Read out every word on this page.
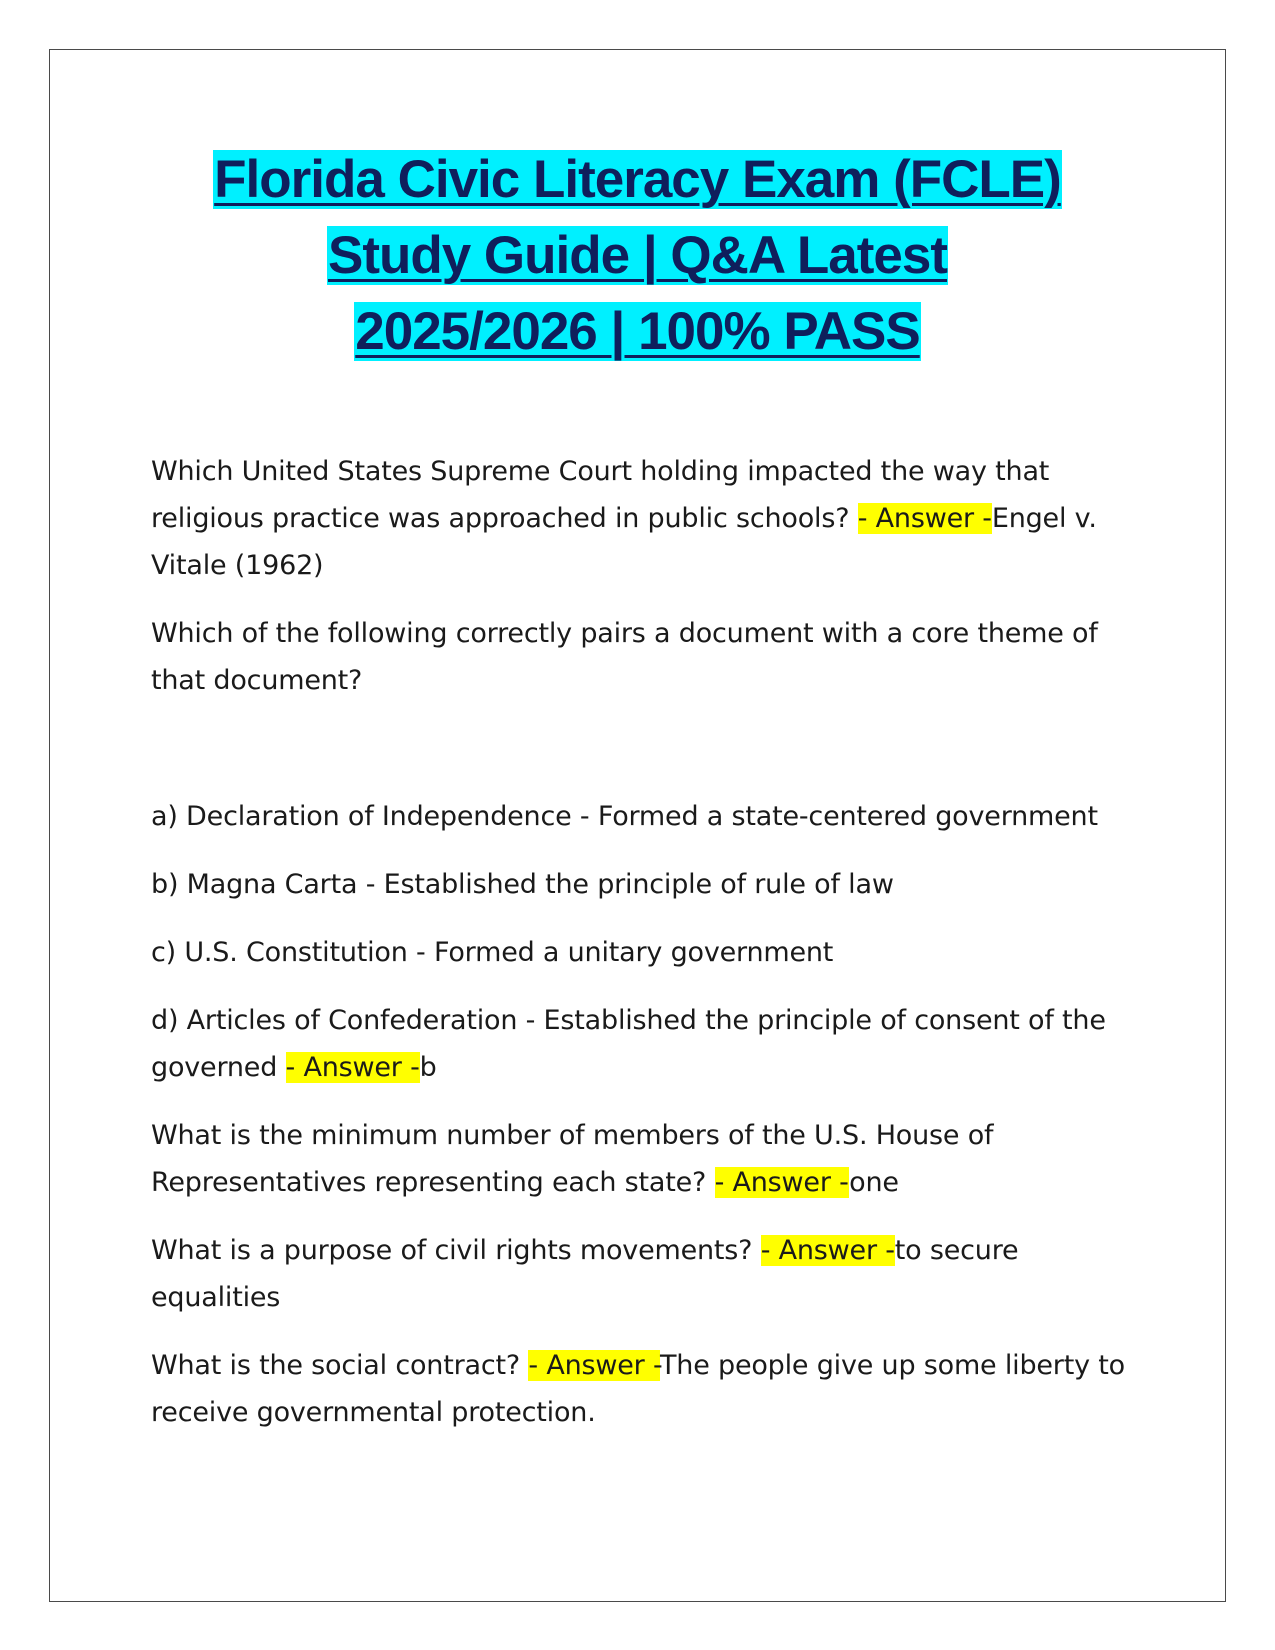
Florida Civic Literacy Exam (FCLE)
Study Guide | Q&A Latest
2025/2026 | 100% PASS

Which United States Supreme Court holding impacted the way that religious practice was approached in public schools? - Answer -Engel v. Vitale (1962)

Which of the following correctly pairs a document with a core theme of that document?

a) Declaration of Independence - Formed a state-centered government

b) Magna Carta - Established the principle of rule of law

c) U.S. Constitution - Formed a unitary government

d) Articles of Confederation - Established the principle of consent of the governed - Answer -b

What is the minimum number of members of the U.S. House of Representatives representing each state? - Answer -one

What is a purpose of civil rights movements? - Answer -to secure equalities

What is the social contract? - Answer -The people give up some liberty to receive governmental protection.
